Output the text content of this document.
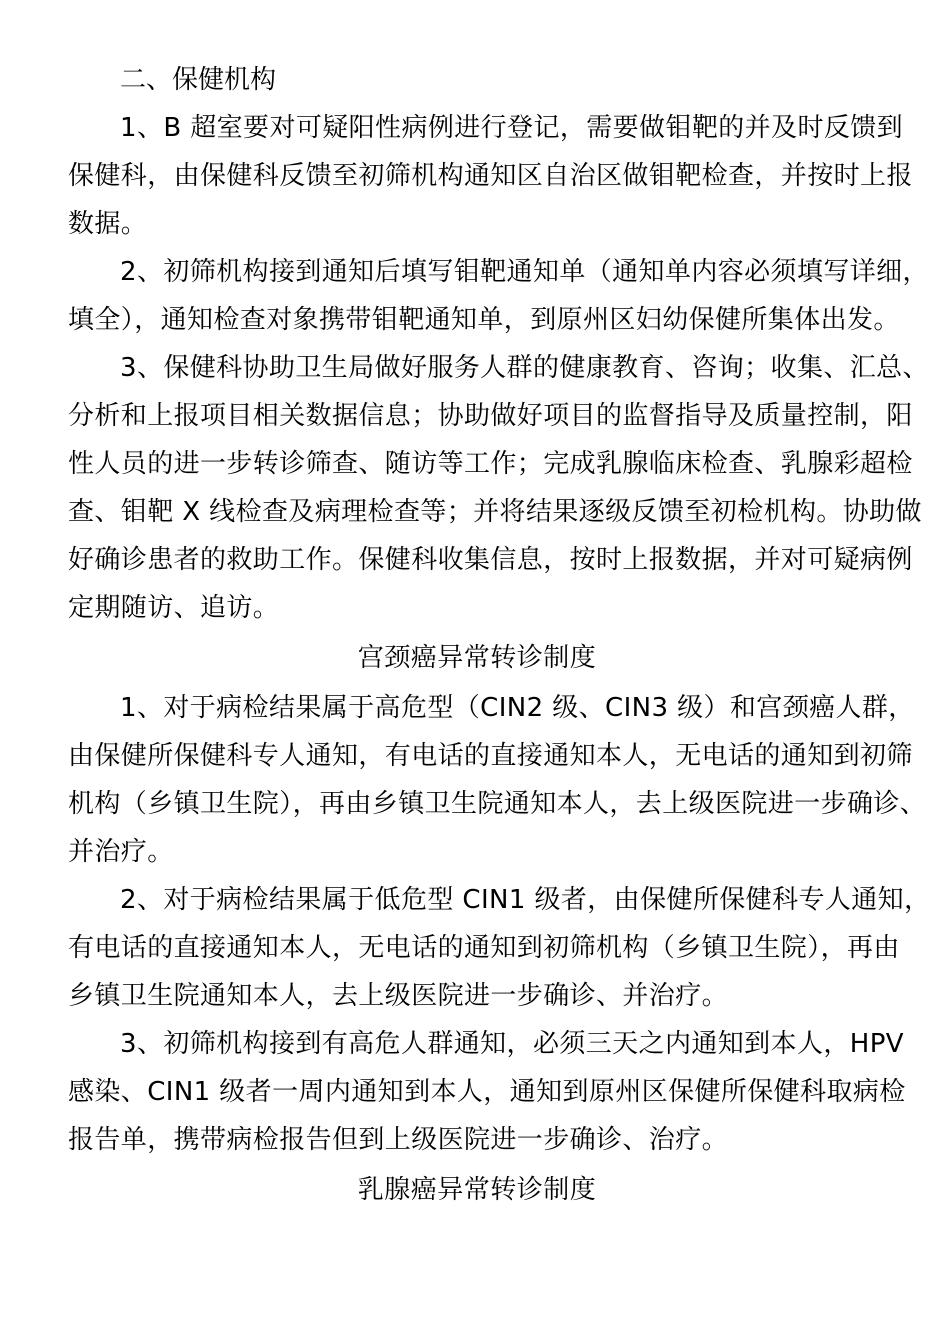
二、保健机构

1、B 超室要对可疑阳性病例进行登记，需要做钼靶的并及时反馈到
保健科，由保健科反馈至初筛机构通知区自治区做钼靶检查，并按时上报
数据。
2、初筛机构接到通知后填写钼靶通知单（通知单内容必须填写详细，
填全），通知检查对象携带钼靶通知单，到原州区妇幼保健所集体出发。
3、保健科协助卫生局做好服务人群的健康教育、咨询；收集、汇总、
分析和上报项目相关数据信息；协助做好项目的监督指导及质量控制，阳
性人员的进一步转诊筛查、随访等工作；完成乳腺临床检查、乳腺彩超检
查、钼靶 X 线检查及病理检查等；并将结果逐级反馈至初检机构。协助做
好确诊患者的救助工作。保健科收集信息，按时上报数据，并对可疑病例
定期随访、追访。

宫颈癌异常转诊制度

1、对于病检结果属于高危型（CIN2 级、CIN3 级）和宫颈癌人群，
由保健所保健科专人通知，有电话的直接通知本人，无电话的通知到初筛
机构（乡镇卫生院），再由乡镇卫生院通知本人，去上级医院进一步确诊、
并治疗。
2、对于病检结果属于低危型 CIN1 级者，由保健所保健科专人通知，
有电话的直接通知本人，无电话的通知到初筛机构（乡镇卫生院），再由
乡镇卫生院通知本人，去上级医院进一步确诊、并治疗。
3、初筛机构接到有高危人群通知，必须三天之内通知到本人，HPV
感染、CIN1 级者一周内通知到本人，通知到原州区保健所保健科取病检
报告单，携带病检报告但到上级医院进一步确诊、治疗。

乳腺癌异常转诊制度
